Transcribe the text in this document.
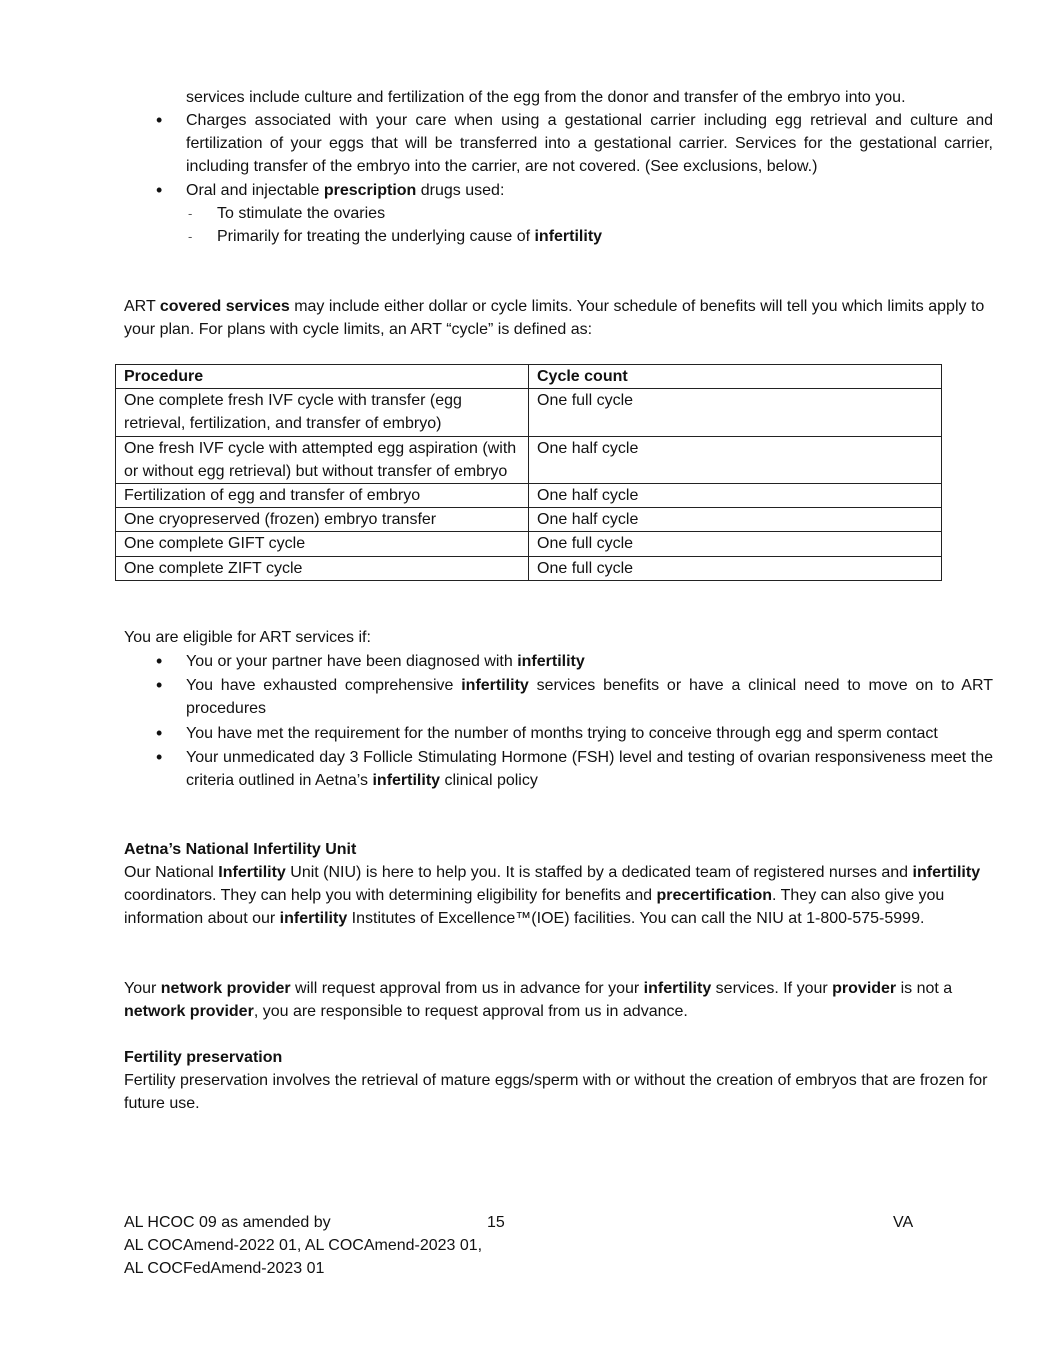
services include culture and fertilization of the egg from the donor and transfer of the embryo into you.

• Charges associated with your care when using a gestational carrier including egg retrieval and culture and fertilization of your eggs that will be transferred into a gestational carrier. Services for the gestational carrier, including transfer of the embryo into the carrier, are not covered. (See exclusions, below.)
• Oral and injectable prescription drugs used:
- To stimulate the ovaries
- Primarily for treating the underlying cause of infertility

ART covered services may include either dollar or cycle limits. Your schedule of benefits will tell you which limits apply to your plan. For plans with cycle limits, an ART “cycle” is defined as:

Procedure	Cycle count
One complete fresh IVF cycle with transfer (egg retrieval, fertilization, and transfer of embryo)	One full cycle
One fresh IVF cycle with attempted egg aspiration (with or without egg retrieval) but without transfer of embryo	One half cycle
Fertilization of egg and transfer of embryo	One half cycle
One cryopreserved (frozen) embryo transfer	One half cycle
One complete GIFT cycle	One full cycle
One complete ZIFT cycle	One full cycle

You are eligible for ART services if:

• You or your partner have been diagnosed with infertility
• You have exhausted comprehensive infertility services benefits or have a clinical need to move on to ART procedures
• You have met the requirement for the number of months trying to conceive through egg and sperm contact
• Your unmedicated day 3 Follicle Stimulating Hormone (FSH) level and testing of ovarian responsiveness meet the criteria outlined in Aetna’s infertility clinical policy

Aetna’s National Infertility Unit

Our National Infertility Unit (NIU) is here to help you. It is staffed by a dedicated team of registered nurses and infertility coordinators. They can help you with determining eligibility for benefits and precertification. They can also give you information about our infertility Institutes of Excellence™(IOE) facilities. You can call the NIU at 1-800-575-5999.

Your network provider will request approval from us in advance for your infertility services. If your provider is not a network provider, you are responsible to request approval from us in advance.

Fertility preservation

Fertility preservation involves the retrieval of mature eggs/sperm with or without the creation of embryos that are frozen for future use.

AL HCOC 09 as amended by
AL COCAmend-2022 01, AL COCAmend-2023 01,
AL COCFedAmend-2023 01
15	VA
